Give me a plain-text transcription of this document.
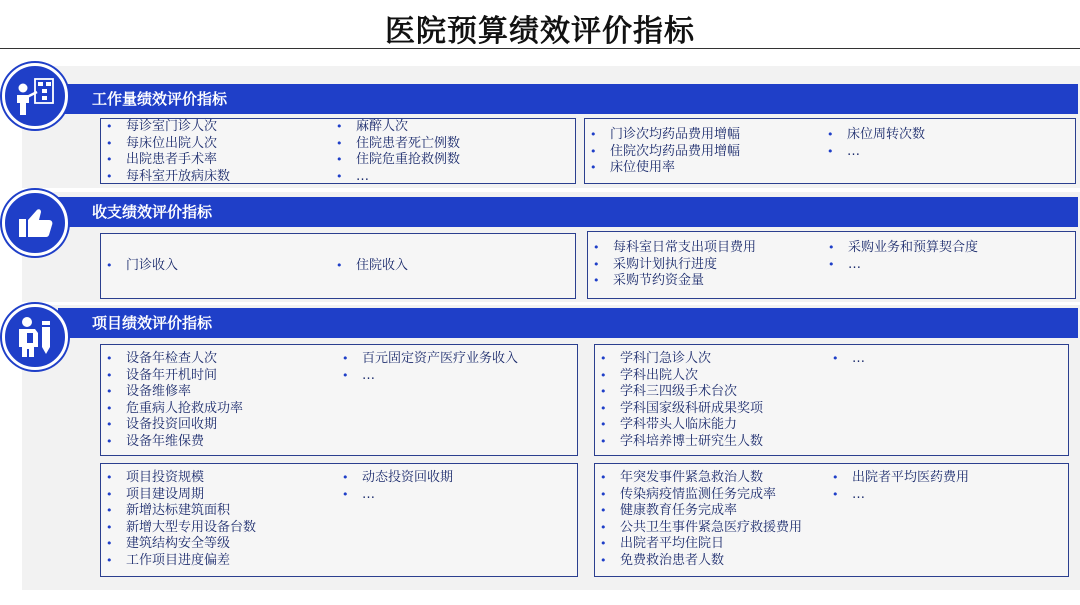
医院预算绩效评价指标
工作量绩效评价指标
• 每诊室门诊人次
• 每床位出院人次
• 出院患者手术率
• 每科室开放病床数
• 麻醉人次
• 住院患者死亡例数
• 住院危重抢救例数
• …
• 门诊次均药品费用增幅
• 住院次均药品费用增幅
• 床位使用率
• 床位周转次数
• …
收支绩效评价指标
• 门诊收入
•	住院收入
• 每科室日常支出项目费用
• 采购计划执行进度
• 采购节约资金量
• 采购业务和预算契合度
• …
项目绩效评价指标
• 设备年检查人次
• 设备年开机时间
• 设备维修率
• 危重病人抢救成功率
• 设备投资回收期
• 设备年维保费
• 百元固定资产医疗业务收入
• …
• 学科门急诊人次
• 学科出院人次
• 学科三四级手术台次
• 学科国家级科研成果奖项
• 学科带头人临床能力
• 学科培养博士研究生人数
• …
• 项目投资规模
• 项目建设周期
• 新增达标建筑面积
• 新增大型专用设备台数
• 建筑结构安全等级
• 工作项目进度偏差
• 动态投资回收期
• …
• 年突发事件紧急救治人数
• 传染病疫情监测任务完成率
• 健康教育任务完成率
• 公共卫生事件紧急医疗救援费用
• 出院者平均住院日
• 免费救治患者人数
• 出院者平均医药费用
• …
